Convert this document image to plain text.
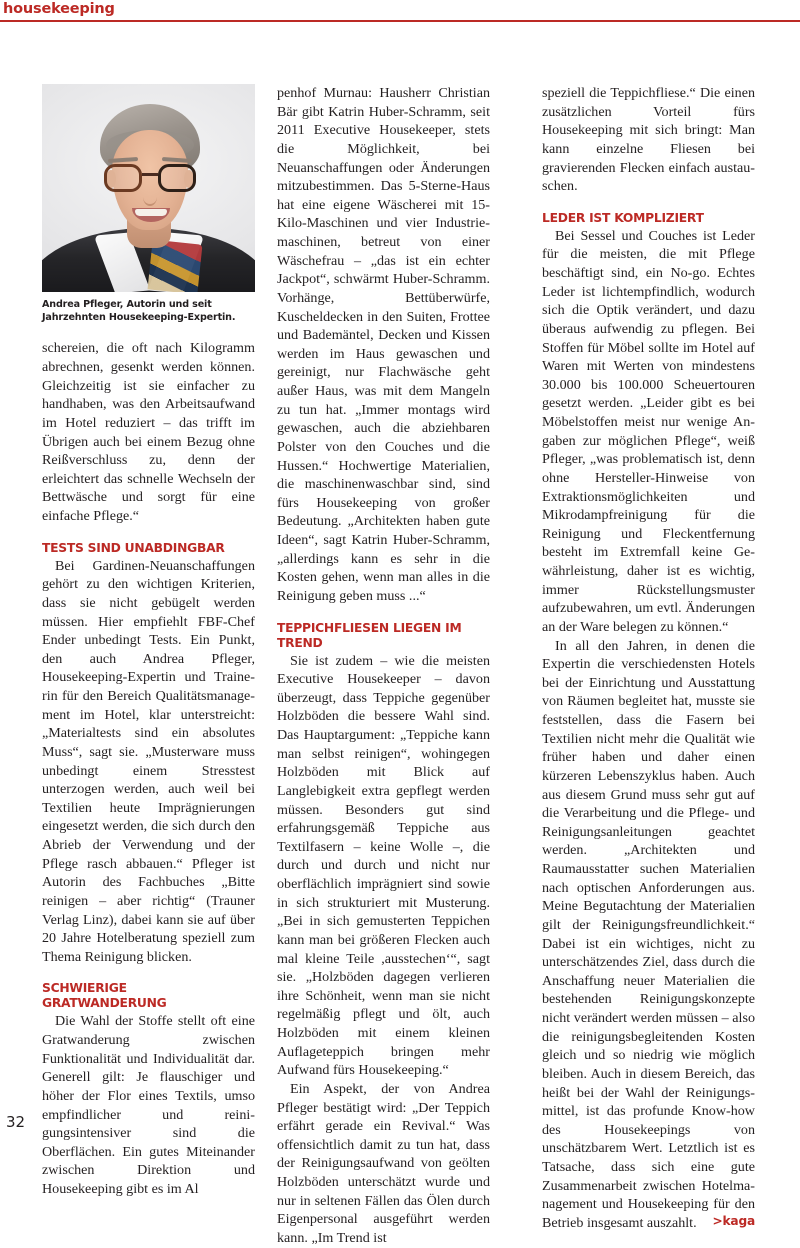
housekeeping
Andrea Pfleger, Autorin und seit Jahrzehnten Housekeeping-Expertin.

schereien, die oft nach Kilogramm abrechnen, gesenkt werden können. Gleichzeitig ist sie einfacher zu handhaben, was den Arbeitsaufwand im Hotel reduziert – das trifft im Übrigen auch bei einem Bezug ohne Reißverschluss zu, denn der erleichtert das schnelle Wechseln der Bettwäsche und sorgt für eine einfache Pflege.“

TESTS SIND UNABDINGBAR

Bei Gardinen-Neuanschaffungen gehört zu den wichtigen Kriterien, dass sie nicht gebügelt werden müssen. Hier empfiehlt FBF-Chef Ender unbedingt Tests. Ein Punkt, den auch Andrea Pfleger, Housekeeping-Expertin und Trainerin für den Bereich Qualitätsmanagement im Hotel, klar unterstreicht: „Materialtests sind ein absolutes Muss“, sagt sie. „Musterware muss unbedingt einem Stresstest unterzogen werden, auch weil bei Textilien heute Imprägnierungen eingesetzt werden, die sich durch den Abrieb der Verwendung und der Pflege rasch abbauen.“ Pfleger ist Autorin des Fachbuches „Bitte reinigen – aber richtig“ (Trauner Verlag Linz), dabei kann sie auf über 20 Jahre Hotelberatung speziell zum Thema Reinigung blicken.

SCHWIERIGE GRATWANDERUNG

Die Wahl der Stoffe stellt oft eine Gratwanderung zwischen Funktionalität und Individualität dar. Generell gilt: Je flauschiger und höher der Flor eines Textils, umso empfindlicher und reinigungsintensiver sind die Oberflächen. Ein gutes Miteinander zwischen Direktion und Housekeeping gibt es im Al

penhof Murnau: Hausherr Christian Bär gibt Katrin Huber-Schramm, seit 2011 Executive Housekeeper, stets die Möglichkeit, bei Neuanschaffungen oder Änderungen mitzubestimmen. Das 5-Sterne-Haus hat eine eigene Wäscherei mit 15-Kilo-Maschinen und vier Industriemaschinen, betreut von einer Wäschefrau – „das ist ein echter Jackpot“, schwärmt Huber-Schramm. Vorhänge, Bettüberwürfe, Kuscheldecken in den Suiten, Frottee und Bademäntel, Decken und Kissen werden im Haus gewaschen und gereinigt, nur Flachwäsche geht außer Haus, was mit dem Mangeln zu tun hat. „Immer montags wird gewaschen, auch die abziehbaren Polster von den Couches und die Hussen.“ Hochwertige Materialien, die maschinenwaschbar sind, sind fürs Housekeeping von großer Bedeutung. „Architekten haben gute Ideen“, sagt Katrin Huber-Schramm, „allerdings kann es sehr in die Kosten gehen, wenn man alles in die Reinigung geben muss ...“

TEPPICHFLIESEN LIEGEN IM TREND

Sie ist zudem – wie die meisten Executive Housekeeper – davon überzeugt, dass Teppiche gegenüber Holzböden die bessere Wahl sind. Das Hauptargument: „Teppiche kann man selbst reinigen“, wohingegen Holzböden mit Blick auf Langlebigkeit extra gepflegt werden müssen. Besonders gut sind erfahrungsgemäß Teppiche aus Textilfasern – keine Wolle –, die durch und durch und nicht nur oberflächlich imprägniert sind sowie in sich strukturiert mit Musterung. „Bei in sich gemusterten Teppichen kann man bei größeren Flecken auch mal kleine Teile ,ausstechen‘“, sagt sie. „Holzböden dagegen verlieren ihre Schönheit, wenn man sie nicht regelmäßig pflegt und ölt, auch Holzböden mit einem kleinen Auflageteppich bringen mehr Aufwand fürs Housekeeping.“

Ein Aspekt, der von Andrea Pfleger bestätigt wird: „Der Teppich erfährt gerade ein Revival.“ Was offensichtlich damit zu tun hat, dass der Reinigungsaufwand von geölten Holzböden unterschätzt wurde und nur in seltenen Fällen das Ölen durch Eigenpersonal ausgeführt werden kann. „Im Trend ist

speziell die Teppichfliese.“ Die einen zusätzlichen Vorteil fürs Housekeeping mit sich bringt: Man kann einzelne Fliesen bei gravierenden Flecken einfach austauschen.

LEDER IST KOMPLIZIERT

Bei Sessel und Couches ist Leder für die meisten, die mit Pflege beschäftigt sind, ein No-go. Echtes Leder ist lichtempfindlich, wodurch sich die Optik verändert, und dazu überaus aufwendig zu pflegen. Bei Stoffen für Möbel sollte im Hotel auf Waren mit Werten von mindestens 30.000 bis 100.000 Scheuertouren gesetzt werden. „Leider gibt es bei Möbelstoffen meist nur wenige Angaben zur möglichen Pflege“, weiß Pfleger, „was problematisch ist, denn ohne Hersteller-Hinweise von Extraktionsmöglichkeiten und Mikrodampfreinigung für die Reinigung und Fleckentfernung besteht im Extremfall keine Gewährleistung, daher ist es wichtig, immer Rückstellungsmuster aufzubewahren, um evtl. Änderungen an der Ware belegen zu können.“

In all den Jahren, in denen die Expertin die verschiedensten Hotels bei der Einrichtung und Ausstattung von Räumen begleitet hat, musste sie feststellen, dass die Fasern bei Textilien nicht mehr die Qualität wie früher haben und daher einen kürzeren Lebenszyklus haben. Auch aus diesem Grund muss sehr gut auf die Verarbeitung und die Pflege- und Reinigungsanleitungen geachtet werden. „Architekten und Raumausstatter suchen Materialien nach optischen Anforderungen aus. Meine Begutachtung der Materialien gilt der Reinigungsfreundlichkeit.“ Dabei ist ein wichtiges, nicht zu unterschätzendes Ziel, dass durch die Anschaffung neuer Materialien die bestehenden Reinigungskonzepte nicht verändert werden müssen – also die reinigungsbegleitenden Kosten gleich und so niedrig wie möglich bleiben. Auch in diesem Bereich, das heißt bei der Wahl der Reinigungsmittel, ist das profunde Know-how des Housekeepings von unschätzbarem Wert. Letztlich ist es Tatsache, dass sich eine gute Zusammenarbeit zwischen Hotelmanagement und Housekeeping für den Betrieb insgesamt auszahlt.	>kaga
32
